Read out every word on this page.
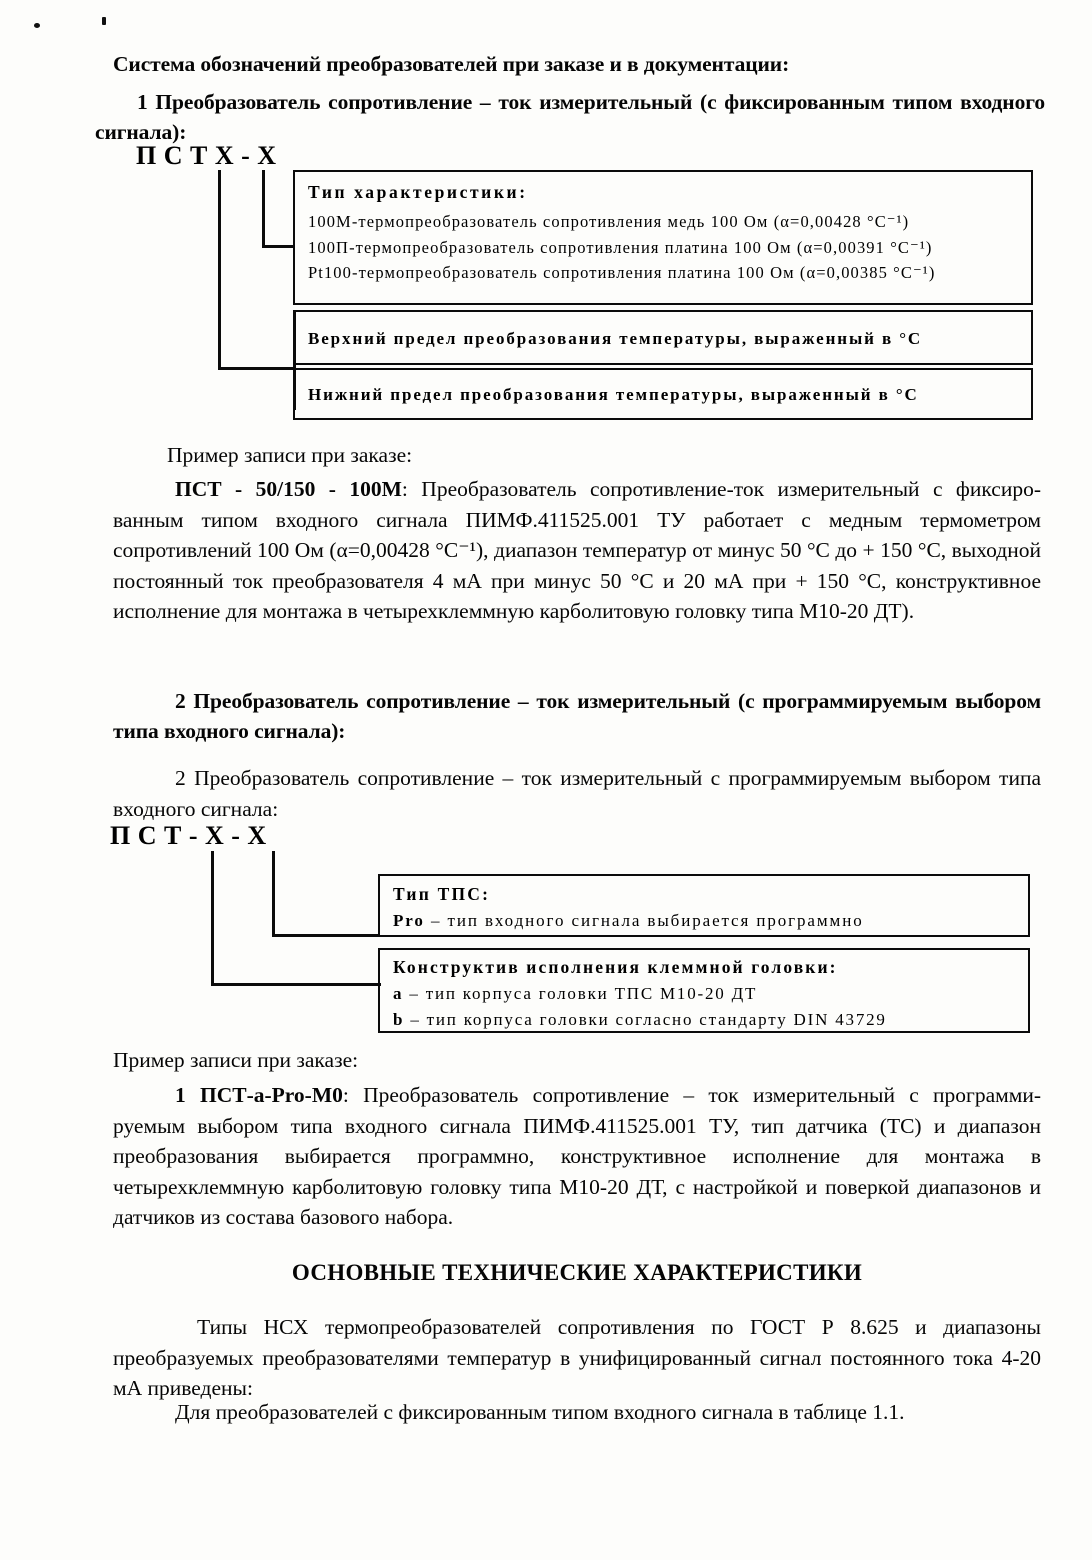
Система обозначений преобразователей при заказе и в документации:
1 Преобразователь сопротивление – ток измерительный (с фиксированным типом входного сигнала):
П С Т Х - Х
Тип характеристики:
100М-термопреобразователь сопротивления медь 100 Ом (α=0,00428 °C⁻¹)
100П-термопреобразователь сопротивления платина 100 Ом (α=0,00391 °C⁻¹)
Pt100-термопреобразователь сопротивления платина 100 Ом (α=0,00385 °C⁻¹)
Верхний предел преобразования температуры, выраженный в °С
Нижний предел преобразования температуры, выраженный в °С
Пример записи при заказе:
ПСТ - 50/150 - 100М: Преобразователь сопротивление-ток измерительный с фиксиро- ванным типом входного сигнала ПИМФ.411525.001 ТУ работает с медным термометром сопротивлений 100 Ом (α=0,00428 °C⁻¹), диапазон температур от минус 50 °С до + 150 °С, выходной постоянный ток преобразователя 4 мА при минус 50 °С и 20 мА при + 150 °С, конструктивное исполнение для монтажа в четырехклеммную карболитовую головку типа М10-20 ДТ).
2 Преобразователь сопротивление – ток измерительный (с программируемым выбором типа входного сигнала):
2 Преобразователь сопротивление – ток измерительный с программируемым выбором типа входного сигнала:
П С Т - Х - Х
Тип ТПС:
Pro – тип входного сигнала выбирается программно
Конструктив исполнения клеммной головки:
a – тип корпуса головки ТПС М10-20 ДТ
b – тип корпуса головки согласно стандарту DIN 43729
Пример записи при заказе:
1 ПСТ-a-Pro-M0: Преобразователь сопротивление – ток измерительный с программи- руемым выбором типа входного сигнала ПИМФ.411525.001 ТУ, тип датчика (ТС) и диапазон преобразования выбирается программно, конструктивное исполнение для монтажа в четырехклеммную карболитовую головку типа М10-20 ДТ, с настройкой и поверкой диапазонов и датчиков из состава базового набора.
ОСНОВНЫЕ ТЕХНИЧЕСКИЕ ХАРАКТЕРИСТИКИ
Типы НСХ термопреобразователей сопротивления по ГОСТ Р 8.625 и диапазоны преобразуемых преобразователями температур в унифицированный сигнал постоянного тока 4-20 мА приведены:
Для преобразователей с фиксированным типом входного сигнала в таблице 1.1.
